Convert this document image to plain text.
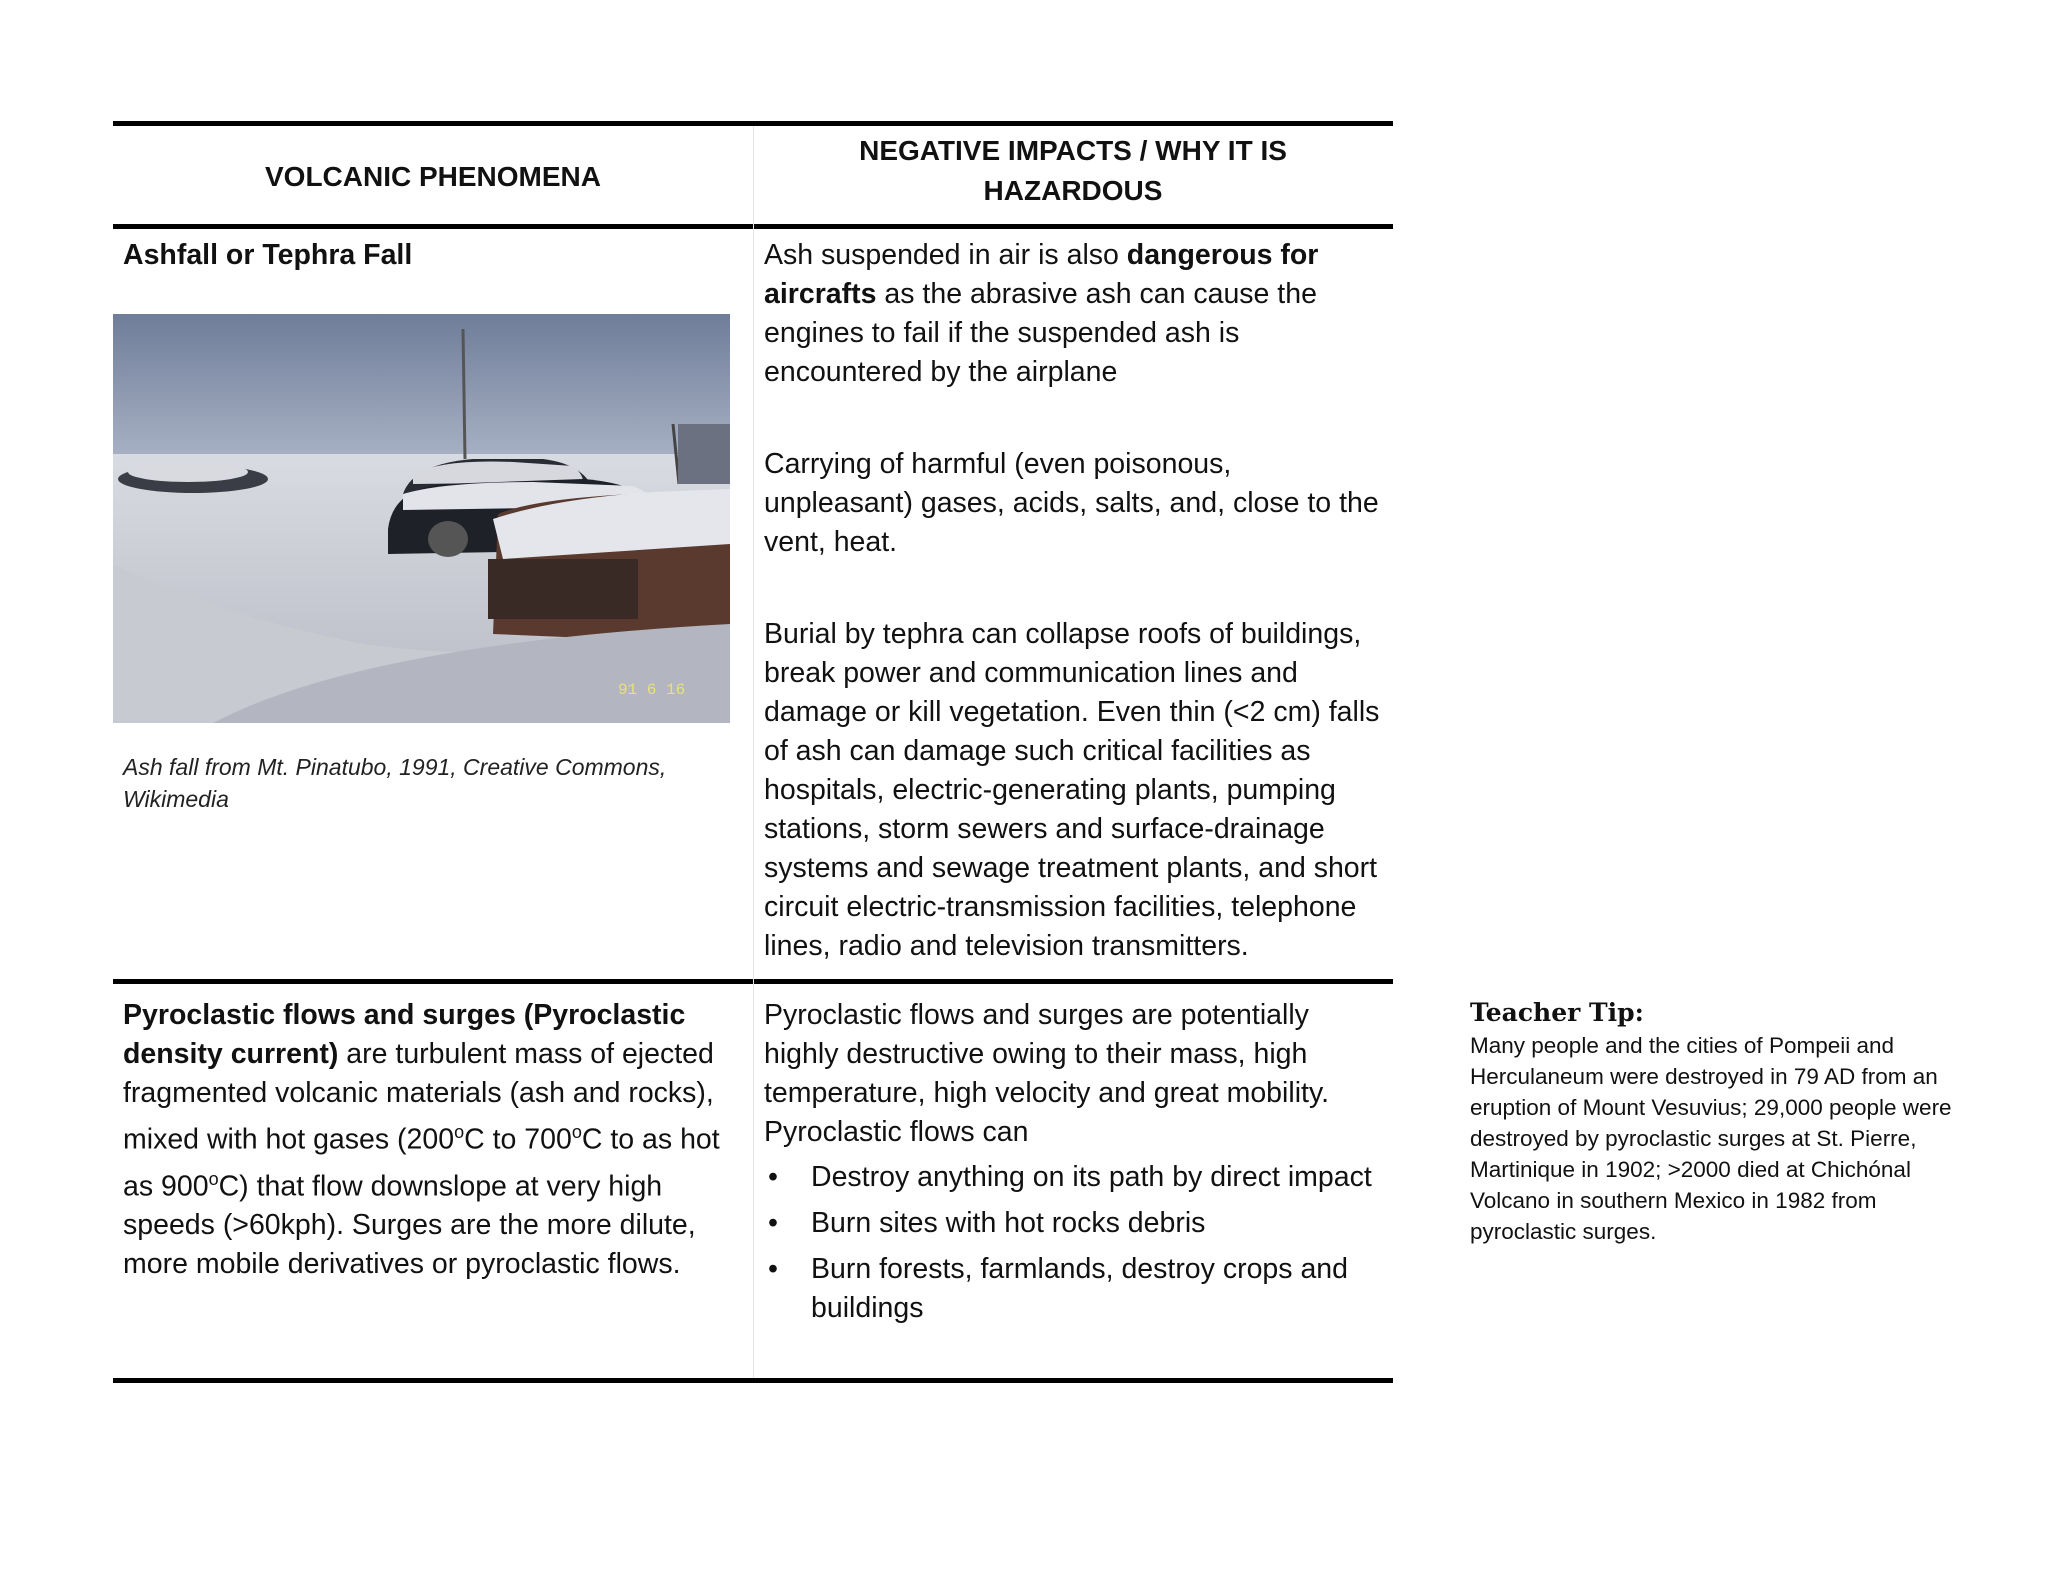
VOLCANIC PHENOMENA
NEGATIVE IMPACTS / WHY IT IS
HAZARDOUS
Ashfall or Tephra Fall
91 6 16
Ash fall from Mt. Pinatubo, 1991, Creative Commons, Wikimedia

Ash suspended in air is also dangerous for aircrafts as the abrasive ash can cause the engines to fail if the suspended ash is encountered by the airplane

Carrying of harmful (even poisonous, unpleasant) gases, acids, salts, and, close to the vent, heat.

Burial by tephra can collapse roofs of buildings, break power and communication lines and damage or kill vegetation. Even thin (<2 cm) falls of ash can damage such critical facilities as hospitals, electric-generating plants, pumping stations, storm sewers and surface-drainage systems and sewage treatment plants, and short circuit electric-transmission facilities, telephone lines, radio and television transmitters.

Pyroclastic flows and surges (Pyroclastic density current) are turbulent mass of ejected fragmented volcanic materials (ash and rocks), mixed with hot gases (200$^o$C to 700$^o$C to as hot as 900$^o$C) that flow downslope at very high speeds (>60kph). Surges are the more dilute, more mobile derivatives or pyroclastic flows.

Pyroclastic flows and surges are potentially highly destructive owing to their mass, high temperature, high velocity and great mobility. Pyroclastic flows can

• Destroy anything on its path by direct impact
• Burn sites with hot rocks debris
• Burn forests, farmlands, destroy crops and buildings
Teacher Tip:
Many people and the cities of Pompeii and Herculaneum were destroyed in 79 AD from an eruption of Mount Vesuvius; 29,000 people were destroyed by pyroclastic surges at St. Pierre, Martinique in 1902; >2000 died at Chichónal Volcano in southern Mexico in 1982 from pyroclastic surges.
